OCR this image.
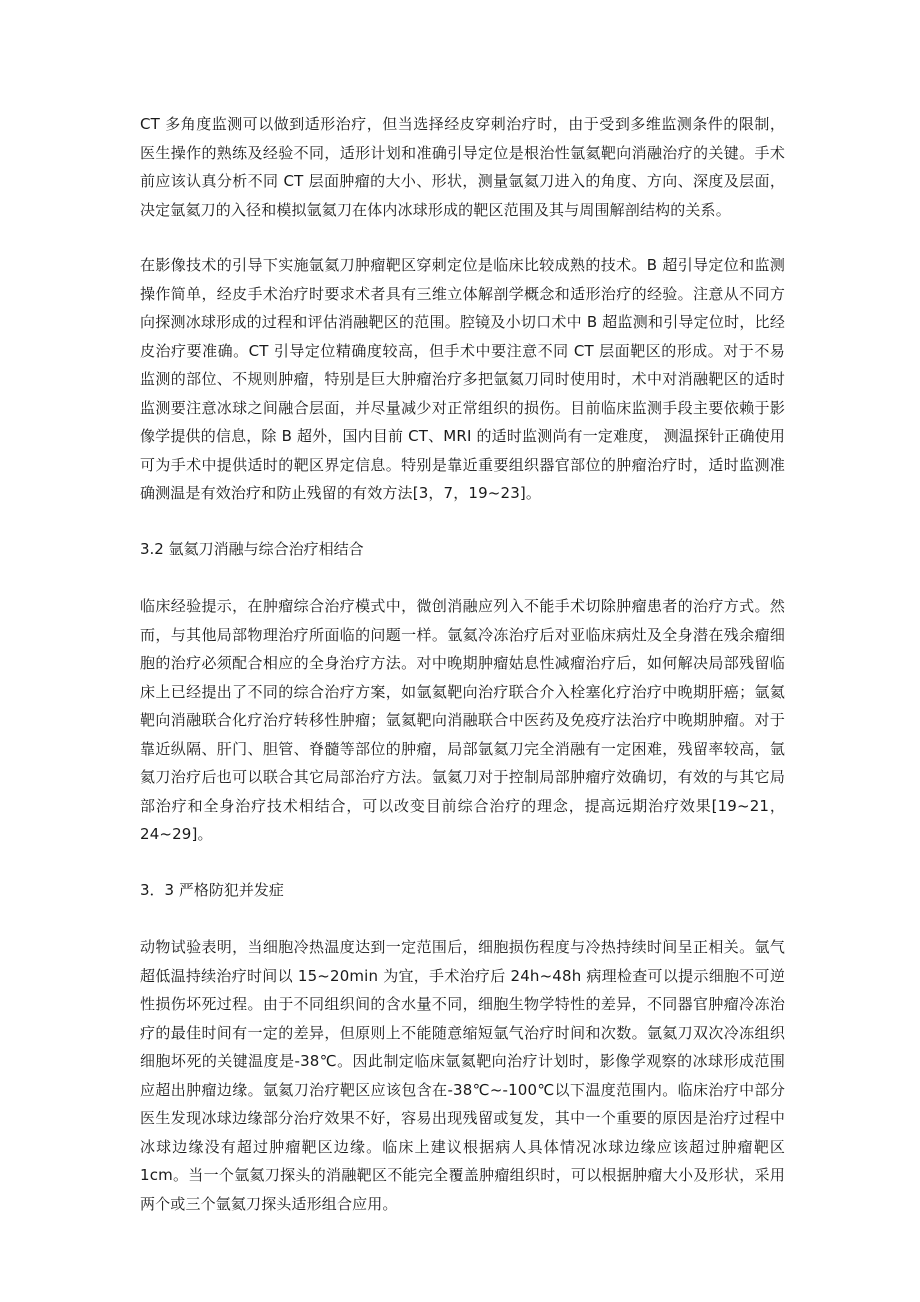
CT 多角度监测可以做到适形治疗，但当选择经皮穿刺治疗时，由于受到多维监测条件的限制，医生操作的熟练及经验不同，适形计划和准确引导定位是根治性氩氦靶向消融治疗的关键。手术前应该认真分析不同 CT 层面肿瘤的大小、形状，测量氩氦刀进入的角度、方向、深度及层面，决定氩氦刀的入径和模拟氩氦刀在体内冰球形成的靶区范围及其与周围解剖结构的关系。

在影像技术的引导下实施氩氦刀肿瘤靶区穿刺定位是临床比较成熟的技术。B 超引导定位和监测操作简单，经皮手术治疗时要求术者具有三维立体解剖学概念和适形治疗的经验。注意从不同方向探测冰球形成的过程和评估消融靶区的范围。腔镜及小切口术中 B 超监测和引导定位时，比经皮治疗要准确。CT 引导定位精确度较高，但手术中要注意不同 CT 层面靶区的形成。对于不易监测的部位、不规则肿瘤，特别是巨大肿瘤治疗多把氩氦刀同时使用时，术中对消融靶区的适时监测要注意冰球之间融合层面，并尽量减少对正常组织的损伤。目前临床监测手段主要依赖于影像学提供的信息，除 B 超外，国内目前 CT、MRI 的适时监测尚有一定难度， 测温探针正确使用可为手术中提供适时的靶区界定信息。特别是靠近重要组织器官部位的肿瘤治疗时，适时监测准确测温是有效治疗和防止残留的有效方法[3，7，19~23]。

3.2 氩氦刀消融与综合治疗相结合

临床经验提示，在肿瘤综合治疗模式中，微创消融应列入不能手术切除肿瘤患者的治疗方式。然而，与其他局部物理治疗所面临的问题一样。氩氦冷冻治疗后对亚临床病灶及全身潜在残余瘤细胞的治疗必须配合相应的全身治疗方法。对中晚期肿瘤姑息性减瘤治疗后，如何解决局部残留临床上已经提出了不同的综合治疗方案，如氩氦靶向治疗联合介入栓塞化疗治疗中晚期肝癌；氩氦靶向消融联合化疗治疗转移性肿瘤；氩氦靶向消融联合中医药及免疫疗法治疗中晚期肿瘤。对于靠近纵隔、肝门、胆管、脊髓等部位的肿瘤，局部氩氦刀完全消融有一定困难，残留率较高，氩氦刀治疗后也可以联合其它局部治疗方法。氩氦刀对于控制局部肿瘤疗效确切，有效的与其它局部治疗和全身治疗技术相结合，可以改变目前综合治疗的理念，提高远期治疗效果[19~21，24~29]。

3．3 严格防犯并发症

动物试验表明，当细胞冷热温度达到一定范围后，细胞损伤程度与冷热持续时间呈正相关。氩气超低温持续治疗时间以 15~20min 为宜，手术治疗后 24h~48h 病理检查可以提示细胞不可逆性损伤坏死过程。由于不同组织间的含水量不同，细胞生物学特性的差异，不同器官肿瘤冷冻治疗的最佳时间有一定的差异，但原则上不能随意缩短氩气治疗时间和次数。氩氦刀双次冷冻组织细胞坏死的关键温度是-38℃。因此制定临床氩氦靶向治疗计划时，影像学观察的冰球形成范围应超出肿瘤边缘。氩氦刀治疗靶区应该包含在-38℃~-100℃以下温度范围内。临床治疗中部分医生发现冰球边缘部分治疗效果不好，容易出现残留或复发，其中一个重要的原因是治疗过程中冰球边缘没有超过肿瘤靶区边缘。临床上建议根据病人具体情况冰球边缘应该超过肿瘤靶区 1cm。当一个氩氦刀探头的消融靶区不能完全覆盖肿瘤组织时，可以根据肿瘤大小及形状，采用两个或三个氩氦刀探头适形组合应用。
